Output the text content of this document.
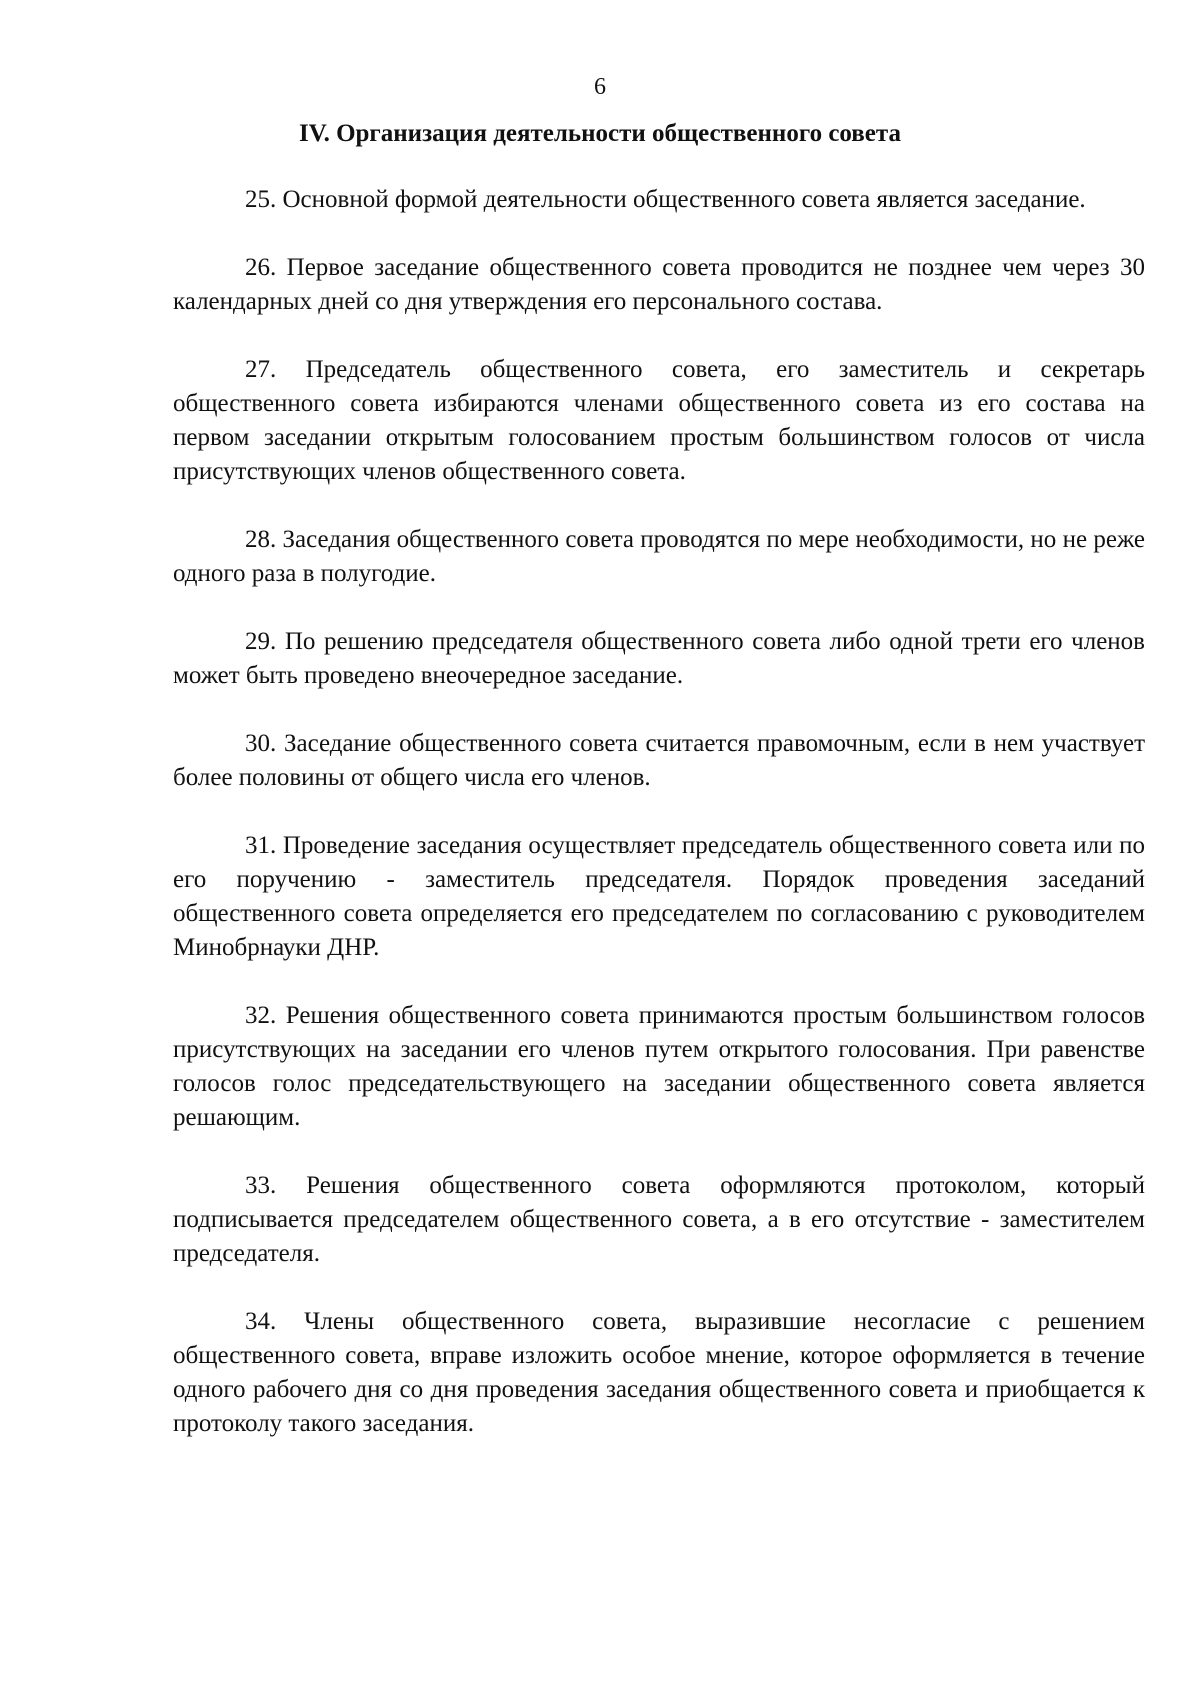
6
IV. Организация деятельности общественного совета

25. Основной формой деятельности общественного совета является заседание.

26. Первое заседание общественного совета проводится не позднее чем через 30 календарных дней со дня утверждения его персонального состава.

27. Председатель общественного совета, его заместитель и секретарь общественного совета избираются членами общественного совета из его состава на первом заседании открытым голосованием простым большинством голосов от числа присутствующих членов общественного совета.

28. Заседания общественного совета проводятся по мере необходимости, но не реже одного раза в полугодие.

29. По решению председателя общественного совета либо одной трети его членов может быть проведено внеочередное заседание.

30. Заседание общественного совета считается правомочным, если в нем участвует более половины от общего числа его членов.

31. Проведение заседания осуществляет председатель общественного совета или по его поручению - заместитель председателя. Порядок проведения заседаний общественного совета определяется его председателем по согласованию с руководителем Минобрнауки ДНР.

32. Решения общественного совета принимаются простым большинством голосов присутствующих на заседании его членов путем открытого голосования. При равенстве голосов голос председательствующего на заседании общественного совета является решающим.

33. Решения общественного совета оформляются протоколом, который подписывается председателем общественного совета, а в его отсутствие - заместителем председателя.

34. Члены общественного совета, выразившие несогласие с решением общественного совета, вправе изложить особое мнение, которое оформляется в течение одного рабочего дня со дня проведения заседания общественного совета и приобщается к протоколу такого заседания.
